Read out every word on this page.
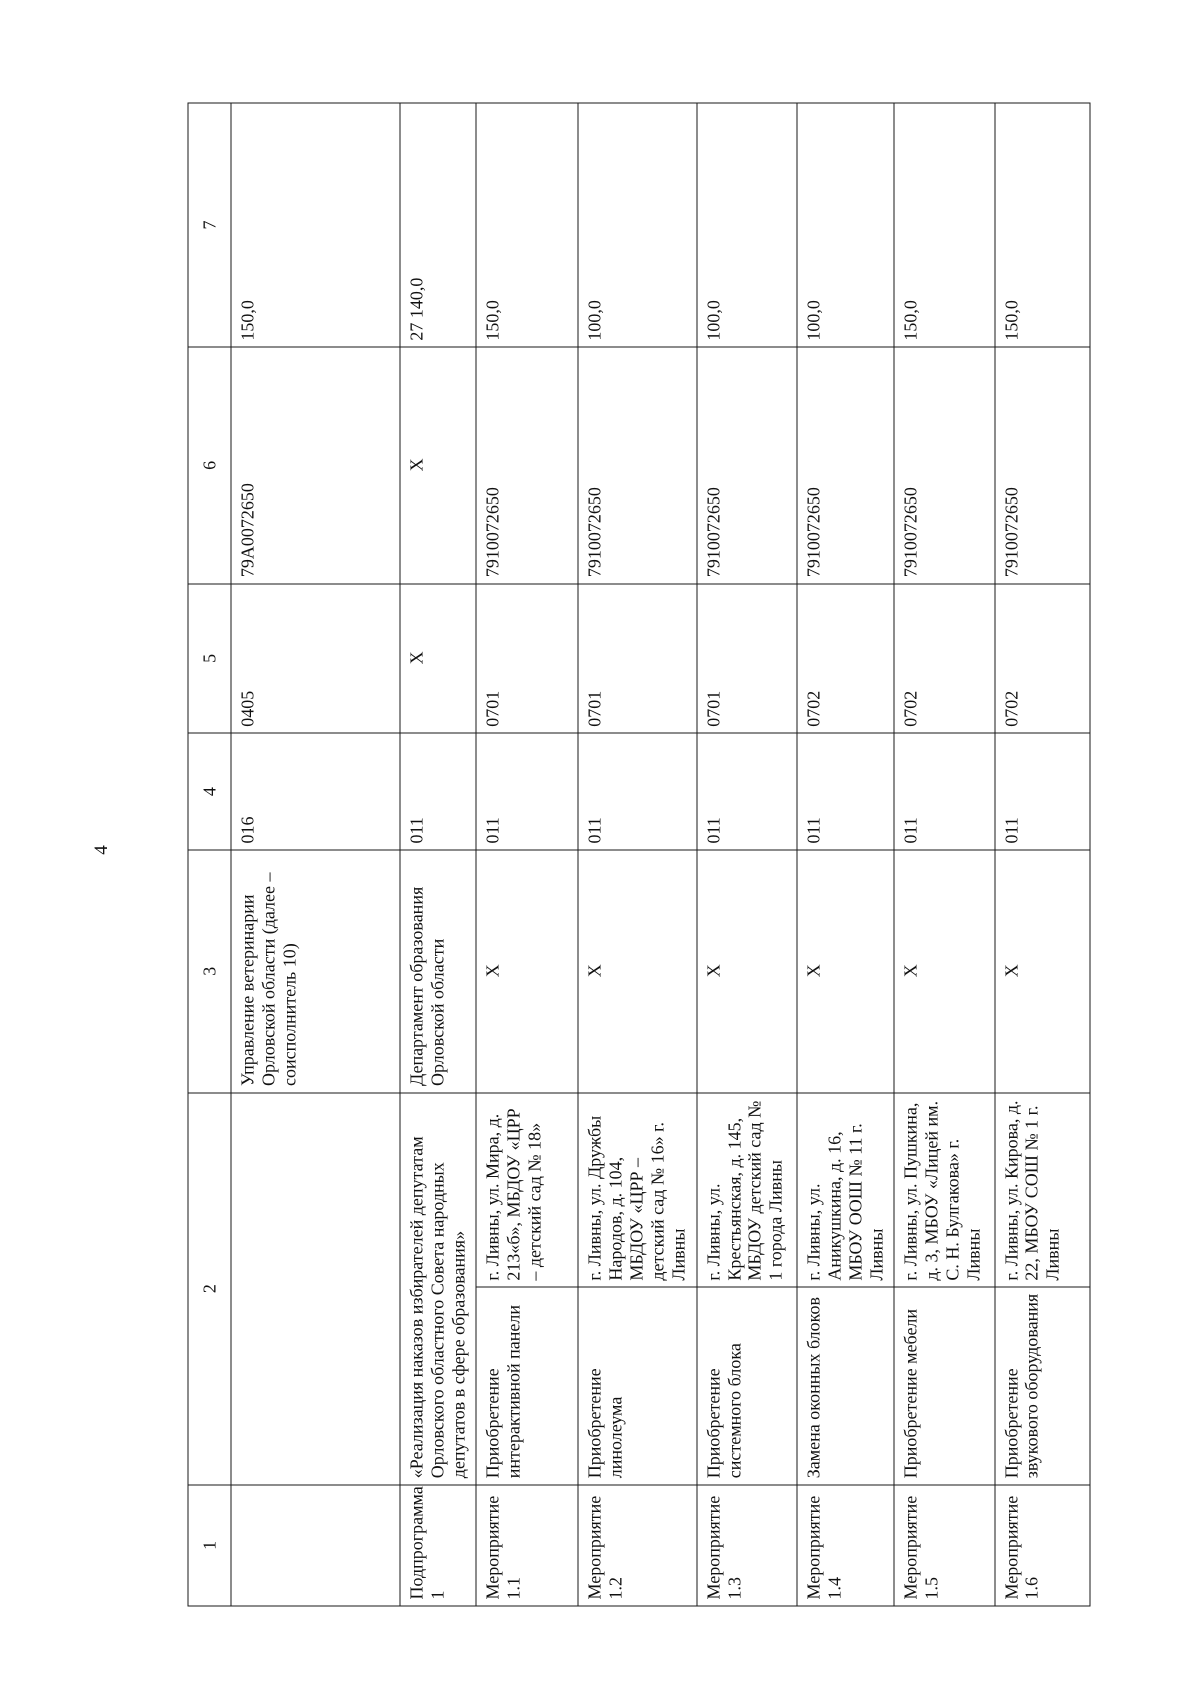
4
1	2		3	4	5	6	7
			Управление ветеринарии Орловской области (далее – соисполнитель 10)	016	0405	79А0072650	150,0
Подпрограмма 1	«Реализация наказов избирателей депутатам Орловского областного Совета народных депутатов в сфере образования»		Департамент образования Орловской области	011	Х	Х	27 140,0
Мероприятие 1.1	Приобретение интерактивной панели	г. Ливны, ул. Мира, д. 213«б», МБДОУ «ЦРР – детский сад № 18»	Х	011	0701	7910072650	150,0
Мероприятие 1.2	Приобретение линолеума	г. Ливны, ул. Дружбы Народов, д. 104, МБДОУ «ЦРР – детский сад № 16» г. Ливны	Х	011	0701	7910072650	100,0
Мероприятие 1.3	Приобретение системного блока	г. Ливны, ул. Крестьянская, д. 145, МБДОУ детский сад № 1 города Ливны	Х	011	0701	7910072650	100,0
Мероприятие 1.4	Замена оконных блоков	г. Ливны, ул. Аникушкина, д. 16, МБОУ ООШ № 11 г. Ливны	Х	011	0702	7910072650	100,0
Мероприятие 1.5	Приобретение мебели	г. Ливны, ул. Пушкина, д. 3, МБОУ «Лицей им. С. Н. Булгакова» г. Ливны	Х	011	0702	7910072650	150,0
Мероприятие 1.6	Приобретение звукового оборудования	г. Ливны, ул. Кирова, д. 22, МБОУ СОШ № 1 г. Ливны	Х	011	0702	7910072650	150,0
